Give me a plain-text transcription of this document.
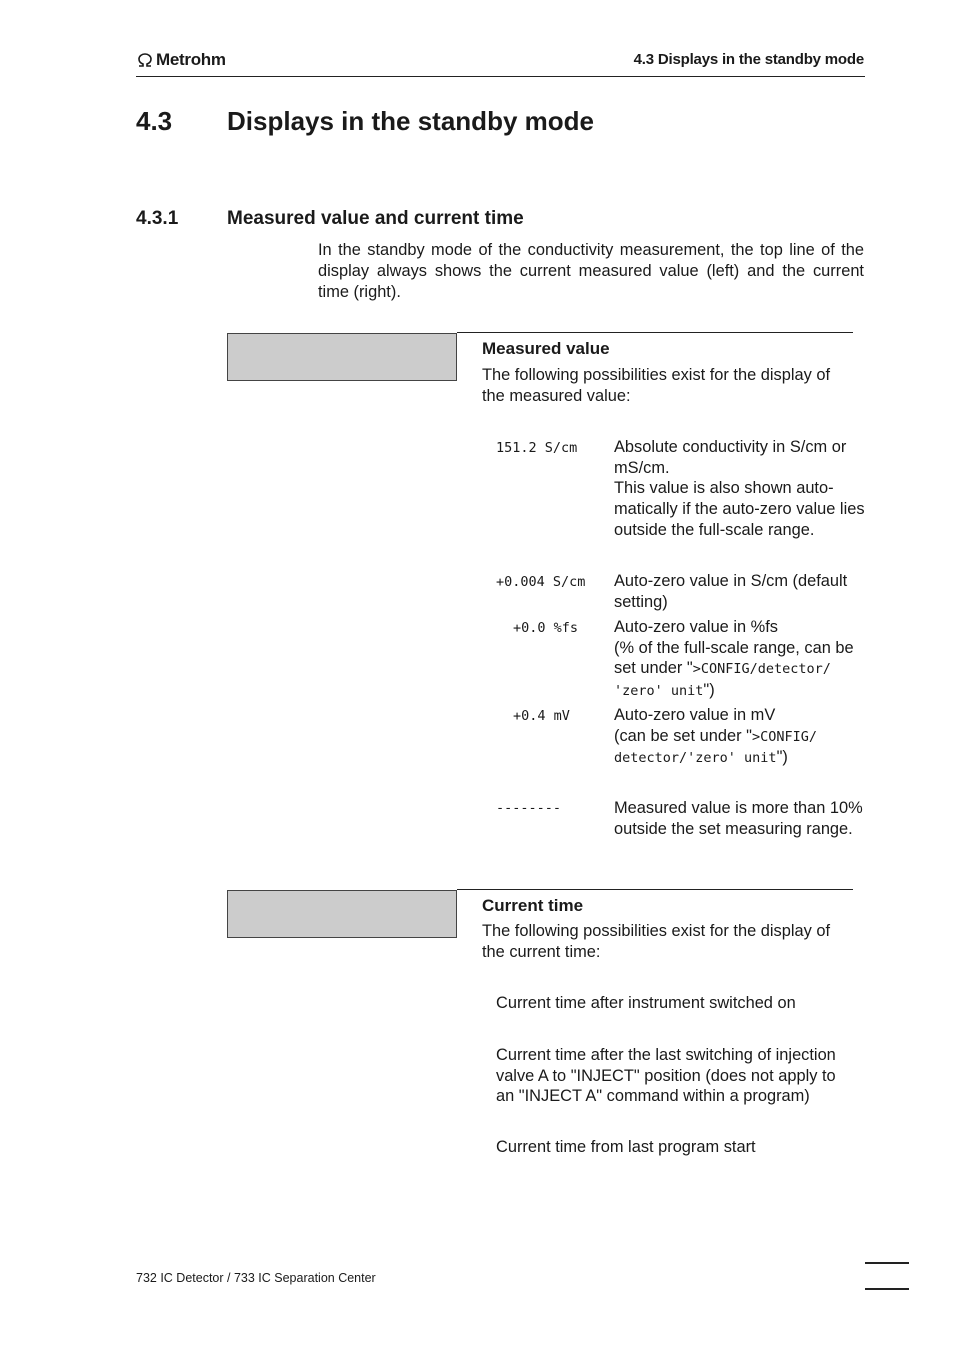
Metrohm	4.3 Displays in the standby mode
4.3 Displays in the standby mode
4.3.1	Measured value and current time
In the standby mode of the conductivity measurement, the top line of the display always shows the current measured value (left) and the current time (right).
Measured value
The following possibilities exist for the display of the measured value:
151.2 S/cm Absolute conductivity in S/cm or mS/cm.
This value is also shown auto-matically if the auto-zero value lies outside the full-scale range.
+0.004 S/cm Auto-zero value in S/cm (default setting)
+0.0 %fs Auto-zero value in %fs
(% of the full-scale range, can be set under ">CONFIG/detector/ 'zero' unit")
+0.4 mV	Auto-zero value in mV
(can be set under ">CONFIG/ detector/'zero' unit")
--------	Measured value is more than 10% outside the set measuring range.
Current time
The following possibilities exist for the display of the current time:
Current time after instrument switched on
Current time after the last switching of injection valve A to "INJECT" position (does not apply to an "INJECT A" command within a program)
Current time from last program start
732 IC Detector / 733 IC Separation Center
